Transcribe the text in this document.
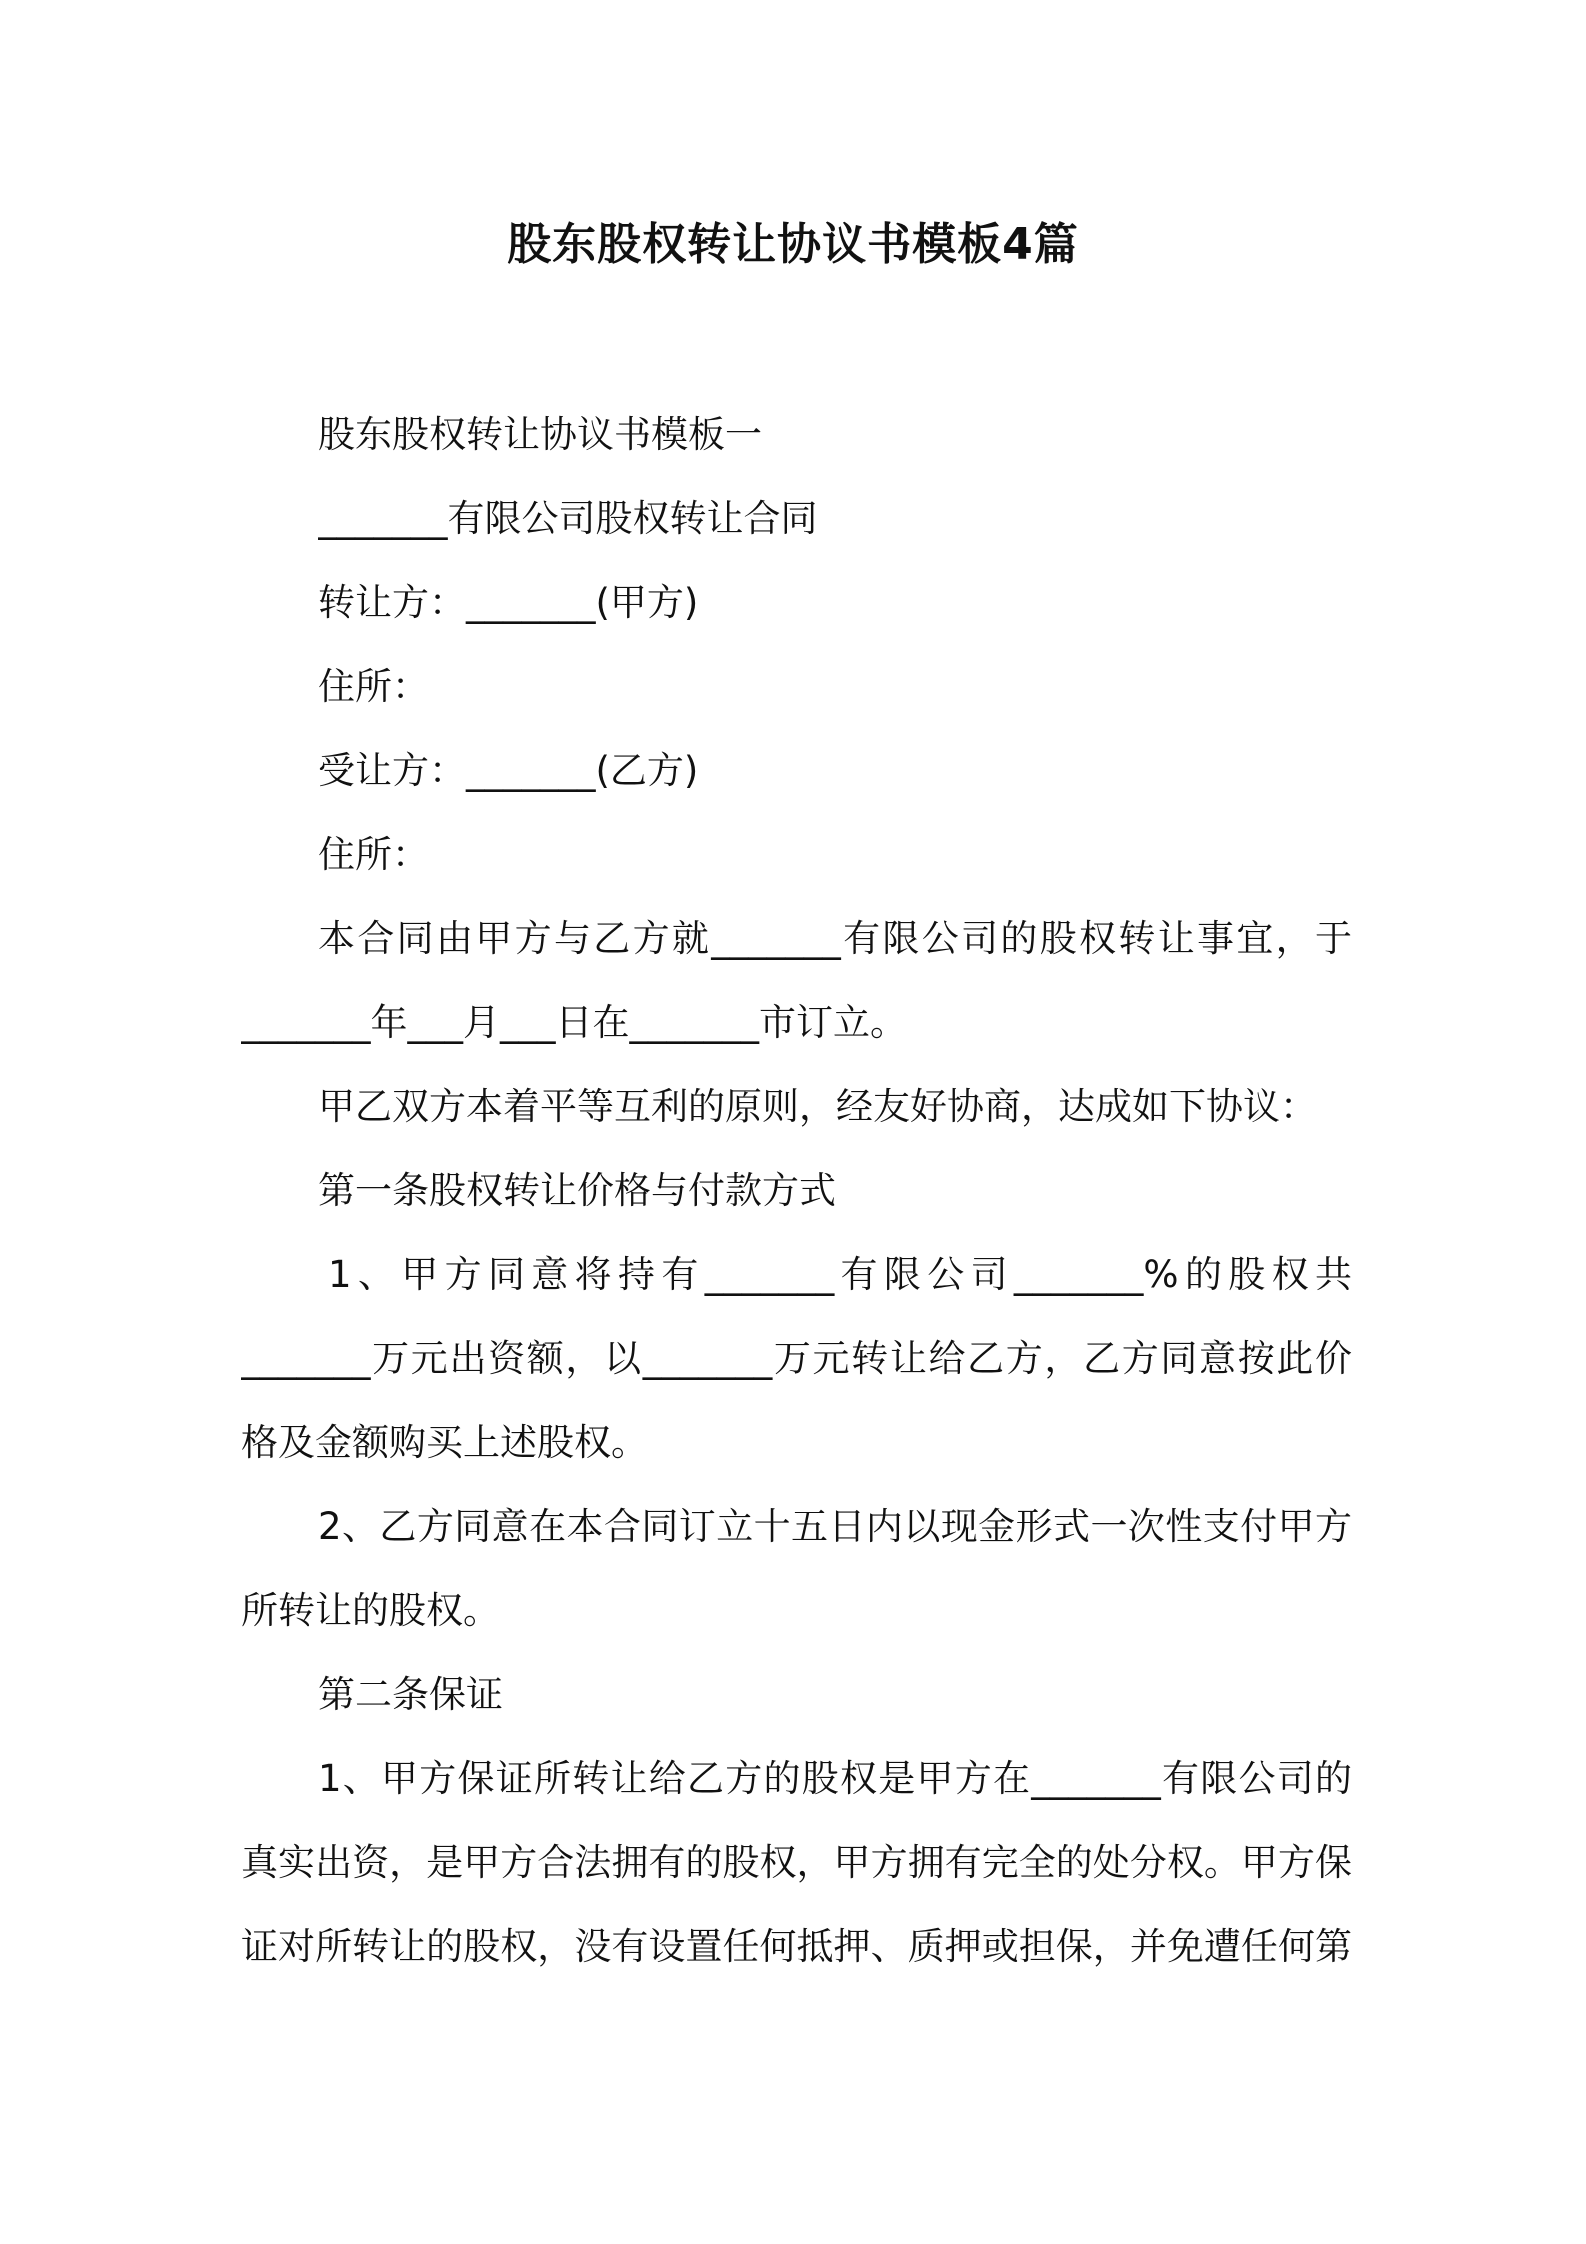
股东股权转让协议书模板4篇
股东股权转让协议书模板一
_______有限公司股权转让合同
转让方：_______(甲方)
住所：
受让方：_______(乙方)
住所：
本合同由甲方与乙方就_______有限公司的股权转让事宜，于
_______年___月___日在_______市订立。
甲乙双方本着平等互利的原则，经友好协商，达成如下协议：
第一条股权转让价格与付款方式
1、甲方同意将持有_______有限公司_______%的股权共
_______万元出资额，以_______万元转让给乙方，乙方同意按此价
格及金额购买上述股权。
2、乙方同意在本合同订立十五日内以现金形式一次性支付甲方
所转让的股权。
第二条保证
1、甲方保证所转让给乙方的股权是甲方在_______有限公司的
真实出资，是甲方合法拥有的股权，甲方拥有完全的处分权。甲方保
证对所转让的股权，没有设置任何抵押、质押或担保，并免遭任何第
